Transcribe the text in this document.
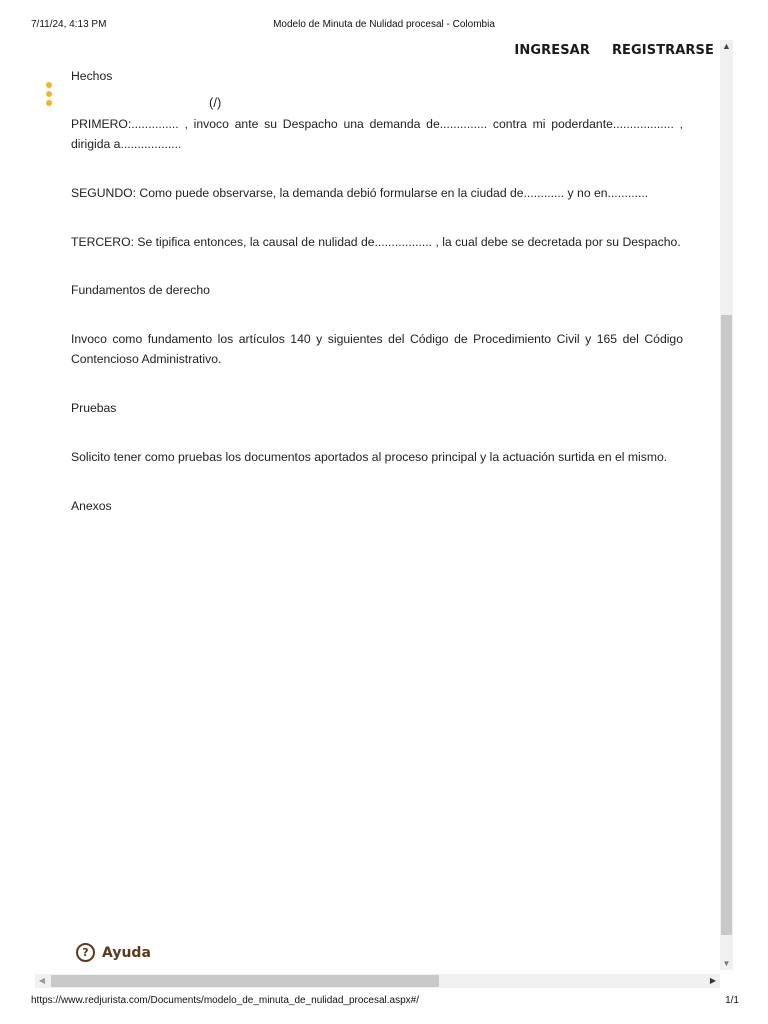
7/11/24, 4:13 PM	Modelo de Minuta de Nulidad procesal - Colombia
INGRESAR REGISTRARSE
(/)

Hechos

PRIMERO:.............. , invoco ante su Despacho una demanda de.............. contra mi poderdante.................. , dirigida a..................

SEGUNDO: Como puede observarse, la demanda debió formularse en la ciudad de............ y no en............

TERCERO: Se tipifica entonces, la causal de nulidad de................. , la cual debe se decretada por su Despacho.

Fundamentos de derecho

Invoco como fundamento los artículos 140 y siguientes del Código de Procedimiento Civil y 165 del Código Contencioso Administrativo.

Pruebas

Solicito tener como pruebas los documentos aportados al proceso principal y la actuación surtida en el mismo.

Anexos

▲
▼
? Ayuda
◀	▶
https://www.redjurista.com/Documents/modelo_de_minuta_de_nulidad_procesal.aspx#/	1/1
